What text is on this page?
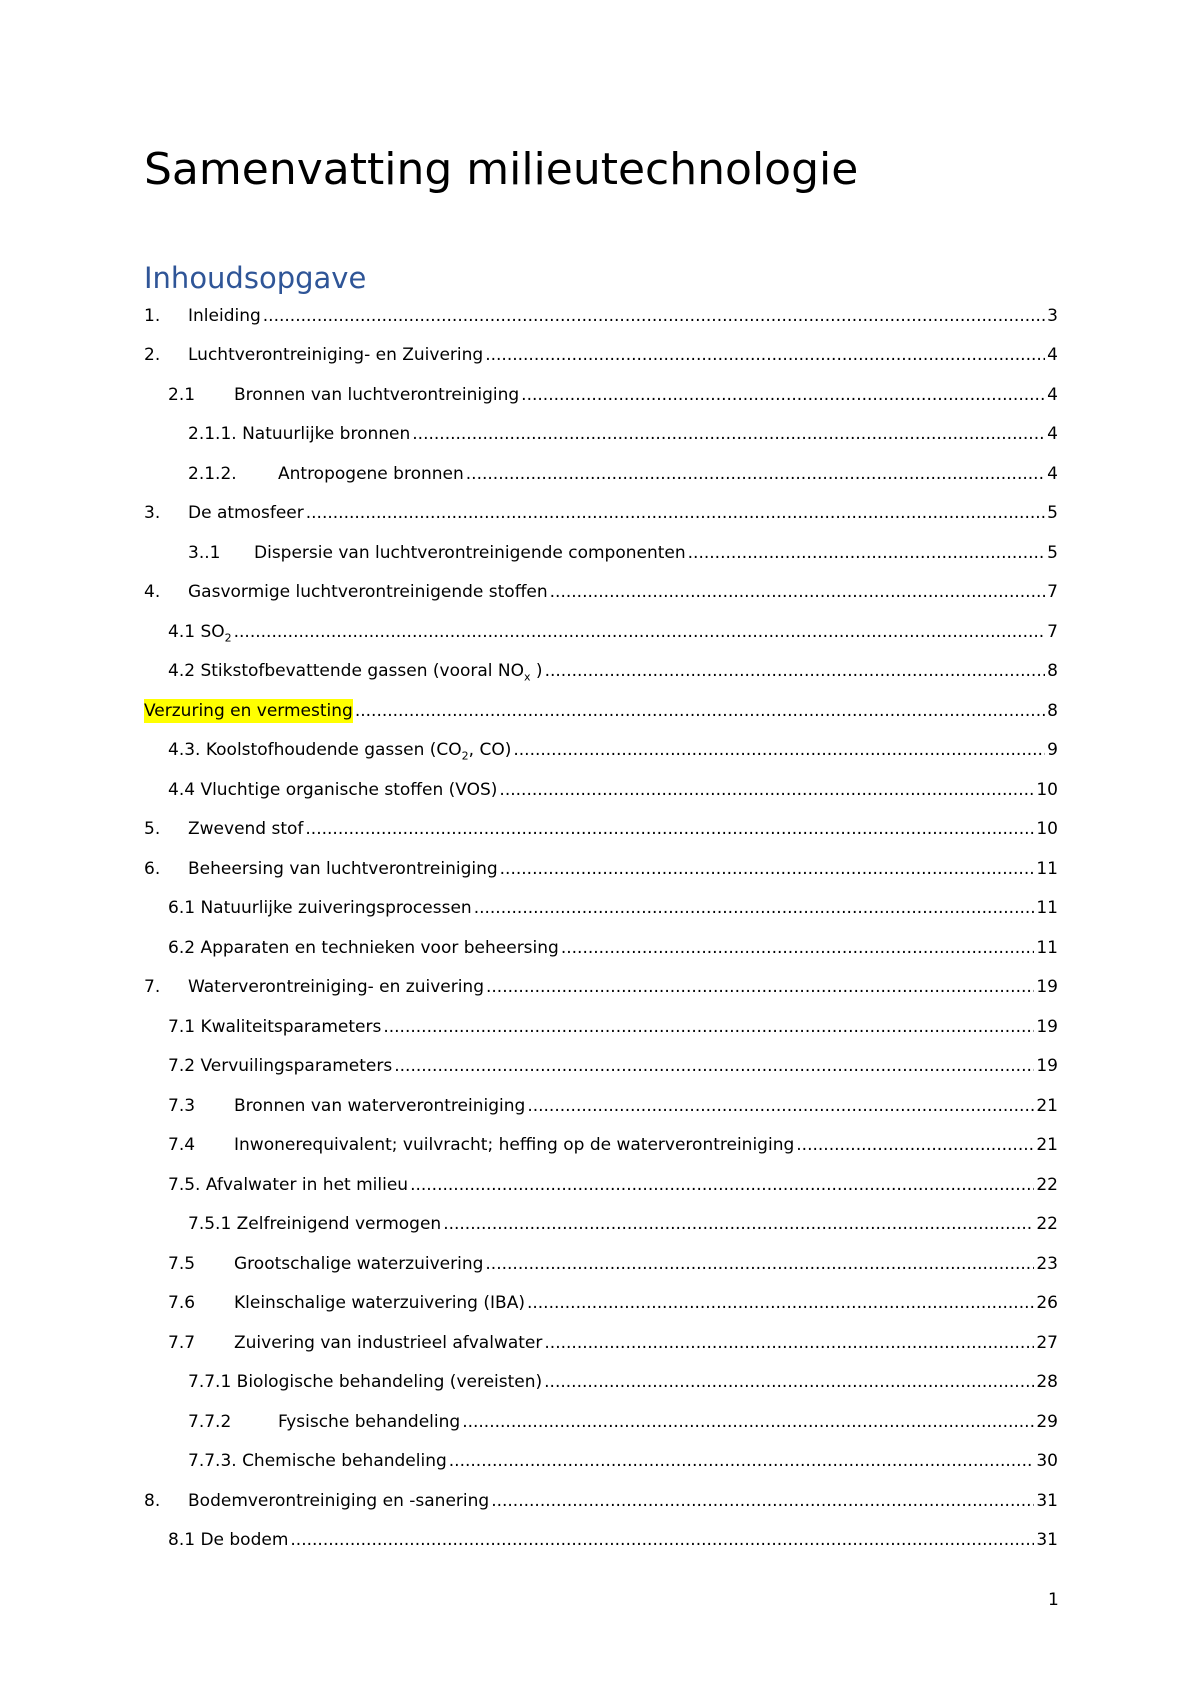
Samenvatting milieutechnologie
Inhoudsopgave
1.	Inleiding .....	3
2.	Luchtverontreiniging- en Zuivering .....	4
2.1	Bronnen van luchtverontreiniging .....	4
2.1.1. Natuurlijke bronnen .....	4
2.1.2.	Antropogene bronnen .....	4
3.	De atmosfeer .....	5
3..1	Dispersie van luchtverontreinigende componenten .....	5
4.	Gasvormige luchtverontreinigende stoffen .....	7
4.1 $SO_2$ .....	7
4.2 Stikstofbevattende gassen (vooral $NO_x$ ) .....	8
Verzuring en vermesting .....	8
4.3. Koolstofhoudende gassen ($CO_2$, CO) .....	9
4.4 Vluchtige organische stoffen (VOS) .....	10
5.	Zwevend stof .....	10
6.	Beheersing van luchtverontreiniging .....	11
6.1 Natuurlijke zuiveringsprocessen .....	11
6.2 Apparaten en technieken voor beheersing .....	11
7.	Waterverontreiniging- en zuivering .....	19
7.1 Kwaliteitsparameters .....	19
7.2 Vervuilingsparameters .....	19
7.3	Bronnen van waterverontreiniging .....	21
7.4	Inwonerequivalent; vuilvracht; heffing op de waterverontreiniging .....	21
7.5. Afvalwater in het milieu .....	22
7.5.1 Zelfreinigend vermogen .....	22
7.5	Grootschalige waterzuivering .....	23
7.6	Kleinschalige waterzuivering (IBA) .....	26
7.7	Zuivering van industrieel afvalwater .....	27
7.7.1 Biologische behandeling (vereisten) .....	28
7.7.2	Fysische behandeling .....	29
7.7.3. Chemische behandeling .....	30
8.	Bodemverontreiniging en -sanering .....	31
8.1 De bodem .....	31
1
